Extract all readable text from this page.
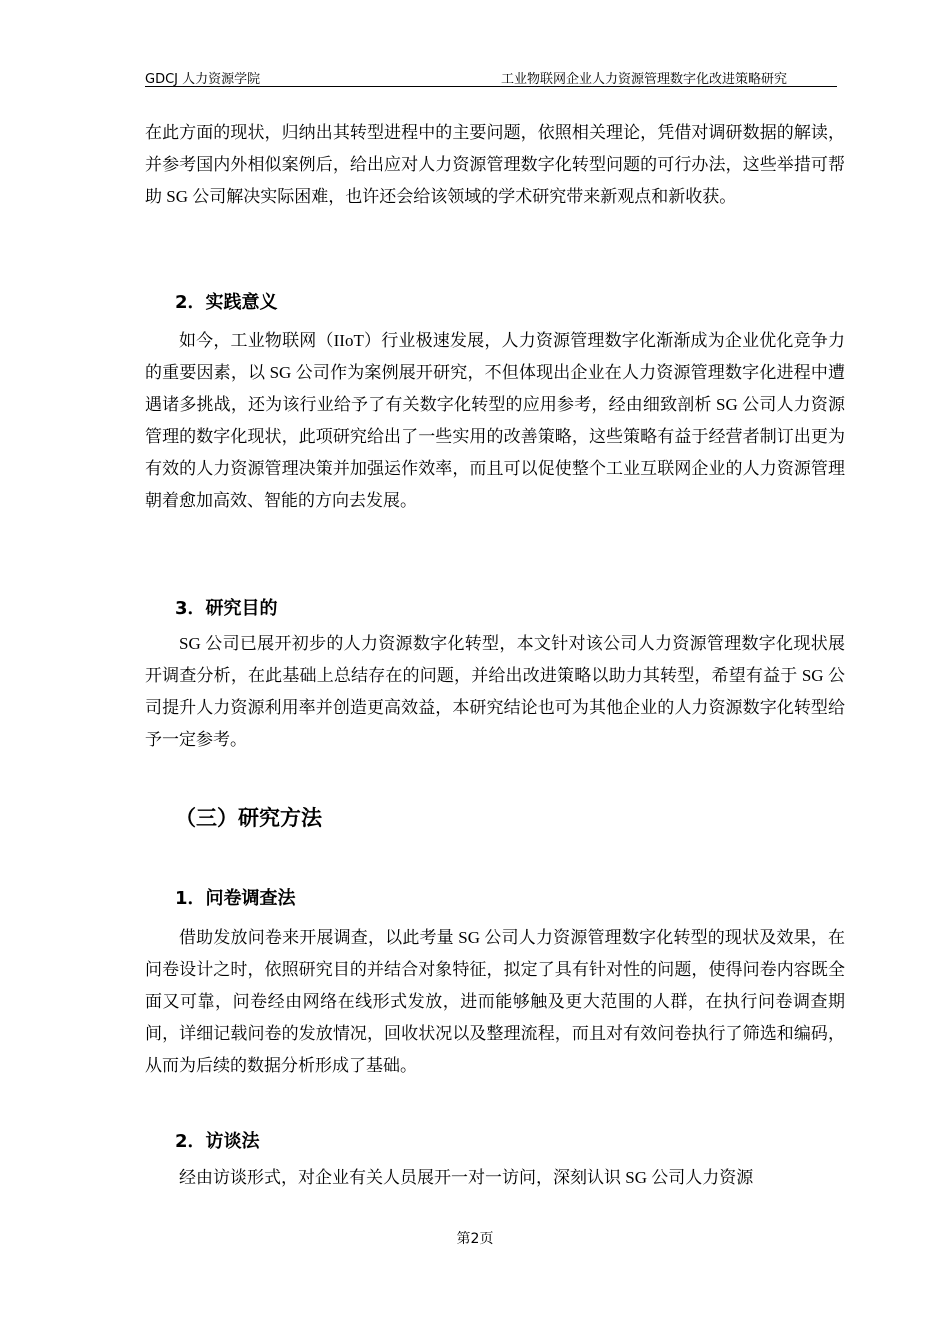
GDCJ 人力资源学院	工业物联网企业人力资源管理数字化改进策略研究

在此方面的现状，归纳出其转型进程中的主要问题，依照相关理论，凭借对调研数据的解读，并参考国内外相似案例后，给出应对人力资源管理数字化转型问题的可行办法，这些举措可帮助 SG 公司解决实际困难，也许还会给该领域的学术研究带来新观点和新收获。

2．实践意义

如今，工业物联网（IIoT）行业极速发展，人力资源管理数字化渐渐成为企业优化竞争力的重要因素，以 SG 公司作为案例展开研究，不但体现出企业在人力资源管理数字化进程中遭遇诸多挑战，还为该行业给予了有关数字化转型的应用参考，经由细致剖析 SG 公司人力资源管理的数字化现状，此项研究给出了一些实用的改善策略，这些策略有益于经营者制订出更为有效的人力资源管理决策并加强运作效率，而且可以促使整个工业互联网企业的人力资源管理朝着愈加高效、智能的方向去发展。

3．研究目的

SG 公司已展开初步的人力资源数字化转型，本文针对该公司人力资源管理数字化现状展开调查分析，在此基础上总结存在的问题，并给出改进策略以助力其转型，希望有益于 SG 公司提升人力资源利用率并创造更高效益，本研究结论也可为其他企业的人力资源数字化转型给予一定参考。

（三）研究方法
1．问卷调查法

借助发放问卷来开展调查，以此考量 SG 公司人力资源管理数字化转型的现状及效果，在问卷设计之时，依照研究目的并结合对象特征，拟定了具有针对性的问题，使得问卷内容既全面又可靠，问卷经由网络在线形式发放，进而能够触及更大范围的人群，在执行问卷调查期间，详细记载问卷的发放情况，回收状况以及整理流程，而且对有效问卷执行了筛选和编码，从而为后续的数据分析形成了基础。

2．访谈法

经由访谈形式，对企业有关人员展开一对一访问，深刻认识 SG 公司人力资源

第2页
